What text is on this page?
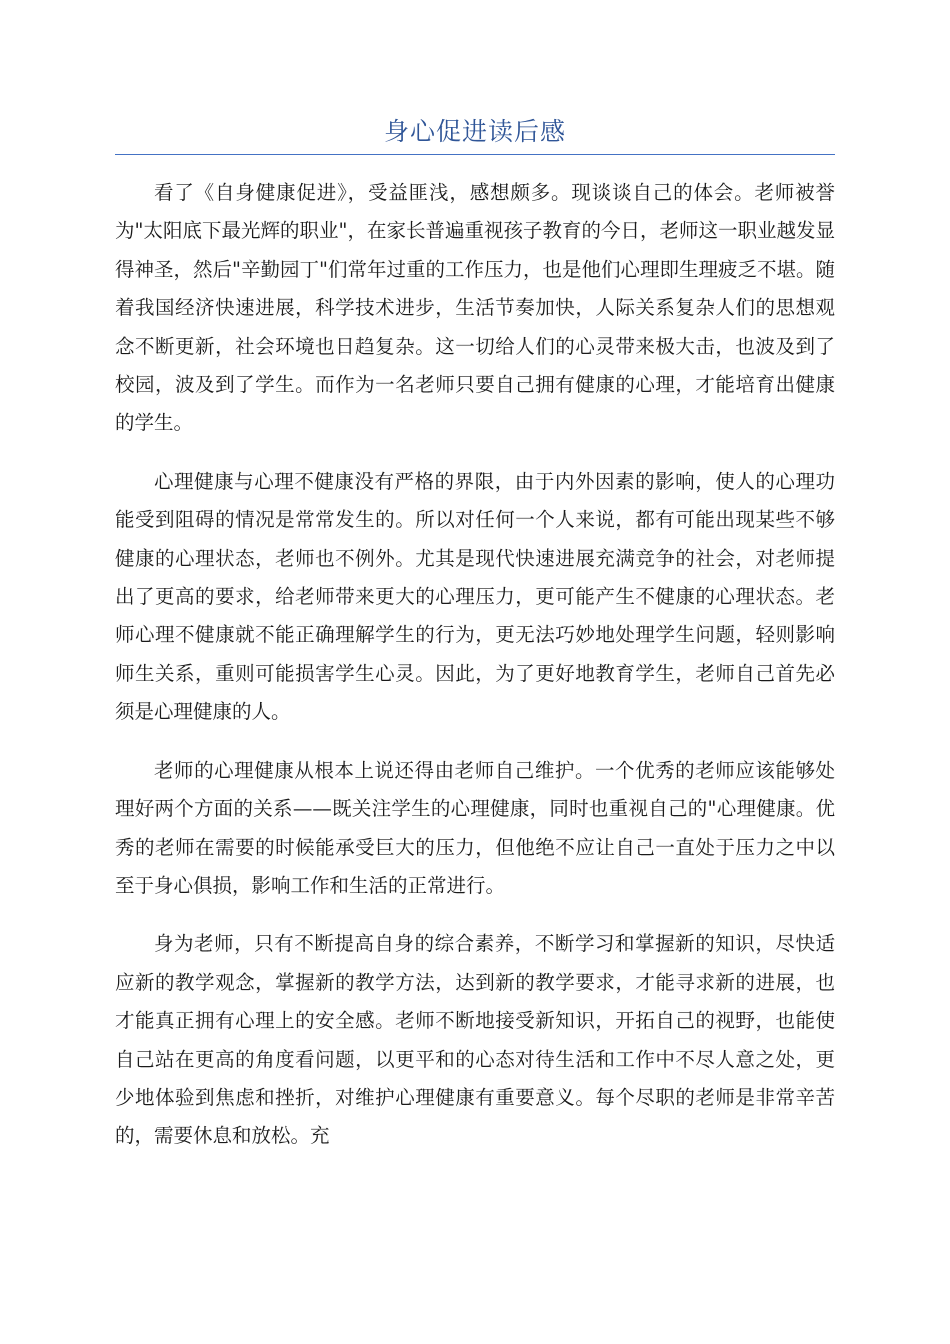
身心促进读后感

看了《自身健康促进》，受益匪浅，感想颇多。现谈谈自己的体会。老师被誉为"太阳底下最光辉的职业"，在家长普遍重视孩子教育的今日，老师这一职业越发显得神圣，然后"辛勤园丁"们常年过重的工作压力，也是他们心理即生理疲乏不堪。随着我国经济快速进展，科学技术进步，生活节奏加快，人际关系复杂人们的思想观念不断更新，社会环境也日趋复杂。这一切给人们的心灵带来极大击，也波及到了校园，波及到了学生。而作为一名老师只要自己拥有健康的心理，才能培育出健康的学生。

心理健康与心理不健康没有严格的界限，由于内外因素的影响，使人的心理功能受到阻碍的情况是常常发生的。所以对任何一个人来说，都有可能出现某些不够健康的心理状态，老师也不例外。尤其是现代快速进展充满竞争的社会，对老师提出了更高的要求，给老师带来更大的心理压力，更可能产生不健康的心理状态。老师心理不健康就不能正确理解学生的行为，更无法巧妙地处理学生问题，轻则影响师生关系，重则可能损害学生心灵。因此，为了更好地教育学生，老师自己首先必须是心理健康的人。

老师的心理健康从根本上说还得由老师自己维护。一个优秀的老师应该能够处理好两个方面的关系——既关注学生的心理健康，同时也重视自己的"心理健康。优秀的老师在需要的时候能承受巨大的压力，但他绝不应让自己一直处于压力之中以至于身心俱损，影响工作和生活的正常进行。

身为老师，只有不断提高自身的综合素养，不断学习和掌握新的知识，尽快适应新的教学观念，掌握新的教学方法，达到新的教学要求，才能寻求新的进展，也才能真正拥有心理上的安全感。老师不断地接受新知识，开拓自己的视野，也能使自己站在更高的角度看问题，以更平和的心态对待生活和工作中不尽人意之处，更少地体验到焦虑和挫折，对维护心理健康有重要意义。每个尽职的老师是非常辛苦的，需要休息和放松。充
